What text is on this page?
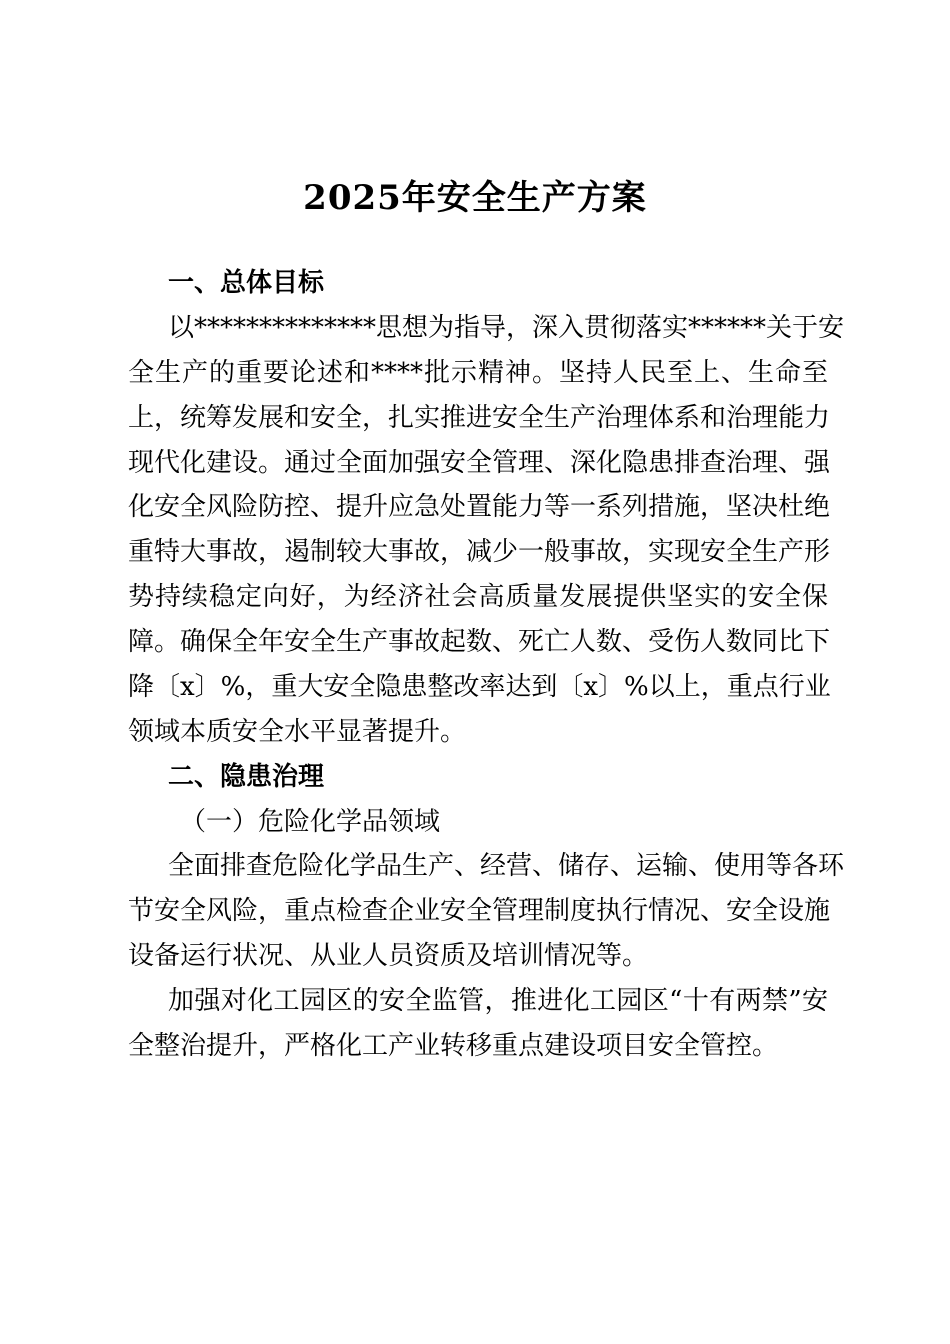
2025年安全生产方案
一、总体目标
以**************思想为指导，深入贯彻落实******关于安
全生产的重要论述和****批示精神。坚持人民至上、生命至
上，统筹发展和安全，扎实推进安全生产治理体系和治理能力
现代化建设。通过全面加强安全管理、深化隐患排查治理、强
化安全风险防控、提升应急处置能力等一系列措施，坚决杜绝
重特大事故，遏制较大事故，减少一般事故，实现安全生产形
势持续稳定向好，为经济社会高质量发展提供坚实的安全保
障。确保全年安全生产事故起数、死亡人数、受伤人数同比下
降〔x〕%，重大安全隐患整改率达到〔x〕%以上，重点行业
领域本质安全水平显著提升。
二、隐患治理
（一）危险化学品领域
全面排查危险化学品生产、经营、储存、运输、使用等各环
节安全风险，重点检查企业安全管理制度执行情况、安全设施
设备运行状况、从业人员资质及培训情况等。
加强对化工园区的安全监管，推进化工园区“十有两禁”安
全整治提升，严格化工产业转移重点建设项目安全管控。
